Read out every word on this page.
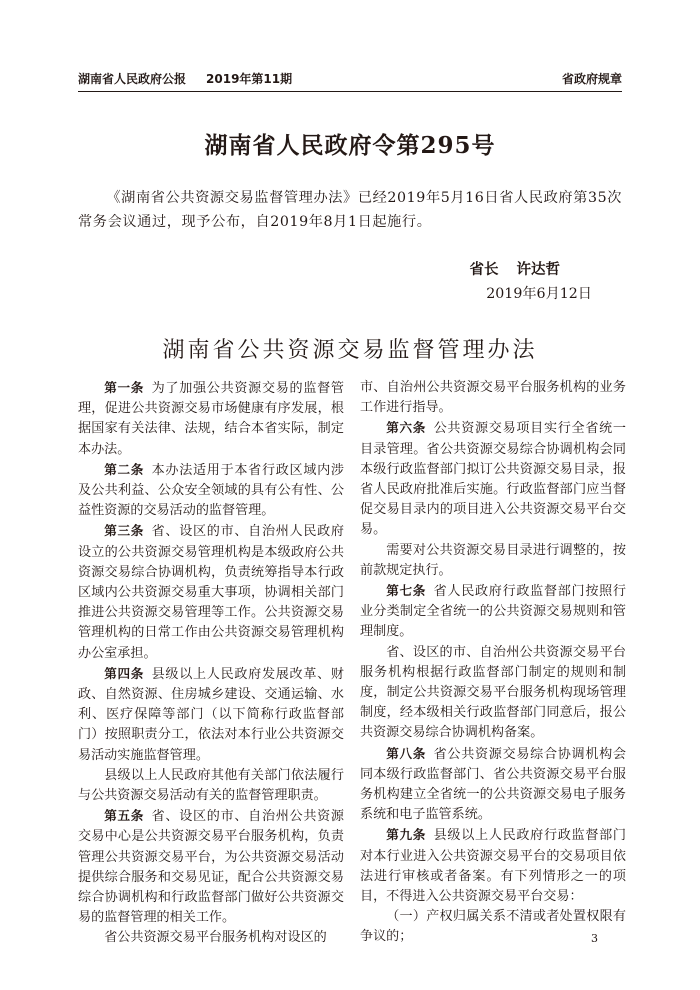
湖南省人民政府公报 2019年第11期	省政府规章
湖南省人民政府令第295号
《湖南省公共资源交易监督管理办法》已经2019年5月16日省人民政府第35次常务会议通过，现予公布，自2019年8月1日起施行。
省长 许达哲
2019年6月12日
湖南省公共资源交易监督管理办法

第一条 为了加强公共资源交易的监督管理，促进公共资源交易市场健康有序发展，根据国家有关法律、法规，结合本省实际，制定本办法。

第二条 本办法适用于本省行政区域内涉及公共利益、公众安全领域的具有公有性、公益性资源的交易活动的监督管理。

第三条 省、设区的市、自治州人民政府设立的公共资源交易管理机构是本级政府公共资源交易综合协调机构，负责统筹指导本行政区域内公共资源交易重大事项，协调相关部门推进公共资源交易管理等工作。公共资源交易管理机构的日常工作由公共资源交易管理机构办公室承担。

第四条 县级以上人民政府发展改革、财政、自然资源、住房城乡建设、交通运输、水利、医疗保障等部门（以下简称行政监督部门）按照职责分工，依法对本行业公共资源交易活动实施监督管理。

县级以上人民政府其他有关部门依法履行与公共资源交易活动有关的监督管理职责。

第五条 省、设区的市、自治州公共资源交易中心是公共资源交易平台服务机构，负责管理公共资源交易平台，为公共资源交易活动提供综合服务和交易见证，配合公共资源交易综合协调机构和行政监督部门做好公共资源交易的监督管理的相关工作。

省公共资源交易平台服务机构对设区的

市、自治州公共资源交易平台服务机构的业务工作进行指导。

第六条 公共资源交易项目实行全省统一目录管理。省公共资源交易综合协调机构会同本级行政监督部门拟订公共资源交易目录，报省人民政府批准后实施。行政监督部门应当督促交易目录内的项目进入公共资源交易平台交易。

需要对公共资源交易目录进行调整的，按前款规定执行。

第七条 省人民政府行政监督部门按照行业分类制定全省统一的公共资源交易规则和管理制度。

省、设区的市、自治州公共资源交易平台服务机构根据行政监督部门制定的规则和制度，制定公共资源交易平台服务机构现场管理制度，经本级相关行政监督部门同意后，报公共资源交易综合协调机构备案。

第八条 省公共资源交易综合协调机构会同本级行政监督部门、省公共资源交易平台服务机构建立全省统一的公共资源交易电子服务系统和电子监管系统。

第九条 县级以上人民政府行政监督部门对本行业进入公共资源交易平台的交易项目依法进行审核或者备案。有下列情形之一的项目，不得进入公共资源交易平台交易：

（一）产权归属关系不清或者处置权限有争议的；	3
